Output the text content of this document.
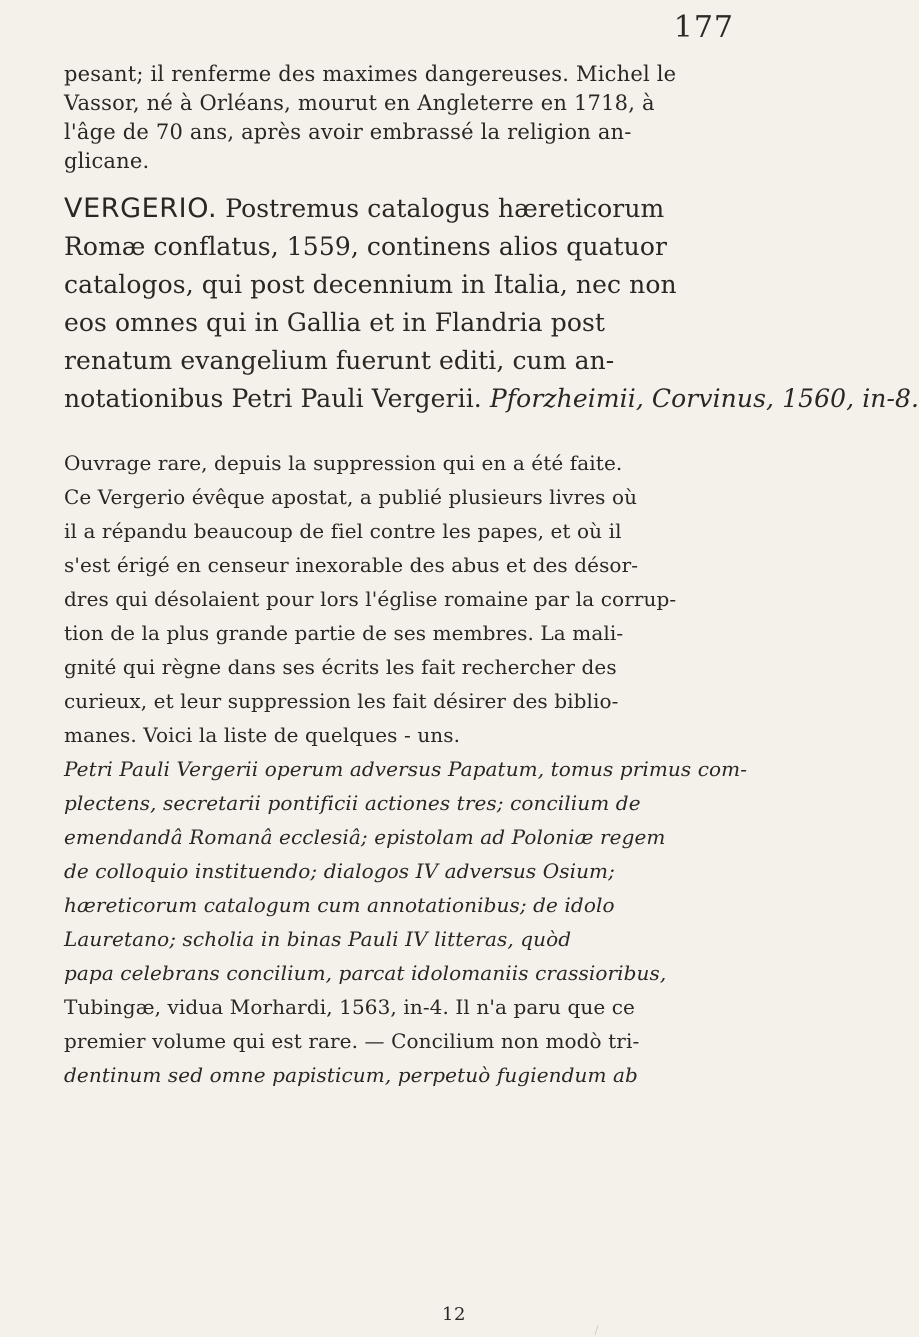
177
pesant; il renferme des maximes dangereuses. Michel le
Vassor, né à Orléans, mourut en Angleterre en 1718, à
l'âge de 70 ans, après avoir embrassé la religion an-
glicane.
VERGERIO. Postremus catalogus hæreticorum
Romæ conflatus, 1559, continens alios quatuor
catalogos, qui post decennium in Italia, nec non
eos omnes qui in Gallia et in Flandria post
renatum evangelium fuerunt editi, cum an-
notationibus Petri Pauli Vergerii. Pforzheimii, Corvinus, 1560, in-8.
Ouvrage rare, depuis la suppression qui en a été faite.
Ce Vergerio évêque apostat, a publié plusieurs livres où
il a répandu beaucoup de fiel contre les papes, et où il
s'est érigé en censeur inexorable des abus et des désor-
dres qui désolaient pour lors l'église romaine par la corrup-
tion de la plus grande partie de ses membres. La mali-
gnité qui règne dans ses écrits les fait rechercher des
curieux, et leur suppression les fait désirer des biblio-
manes. Voici la liste de quelques - uns.
Petri Pauli Vergerii operum adversus Papatum, tomus primus com-
plectens, secretarii pontificii actiones tres; concilium de
emendandâ Romanâ ecclesiâ; epistolam ad Poloniæ regem
de colloquio instituendo; dialogos IV adversus Osium;
hæreticorum catalogum cum annotationibus; de idolo
Lauretano; scholia in binas Pauli IV litteras, quòd
papa celebrans concilium, parcat idolomaniis crassioribus,
Tubingæ, vidua Morhardi, 1563, in-4. Il n'a paru que ce
premier volume qui est rare. — Concilium non modò tri-
dentinum sed omne papisticum, perpetuò fugiendum ab
12
